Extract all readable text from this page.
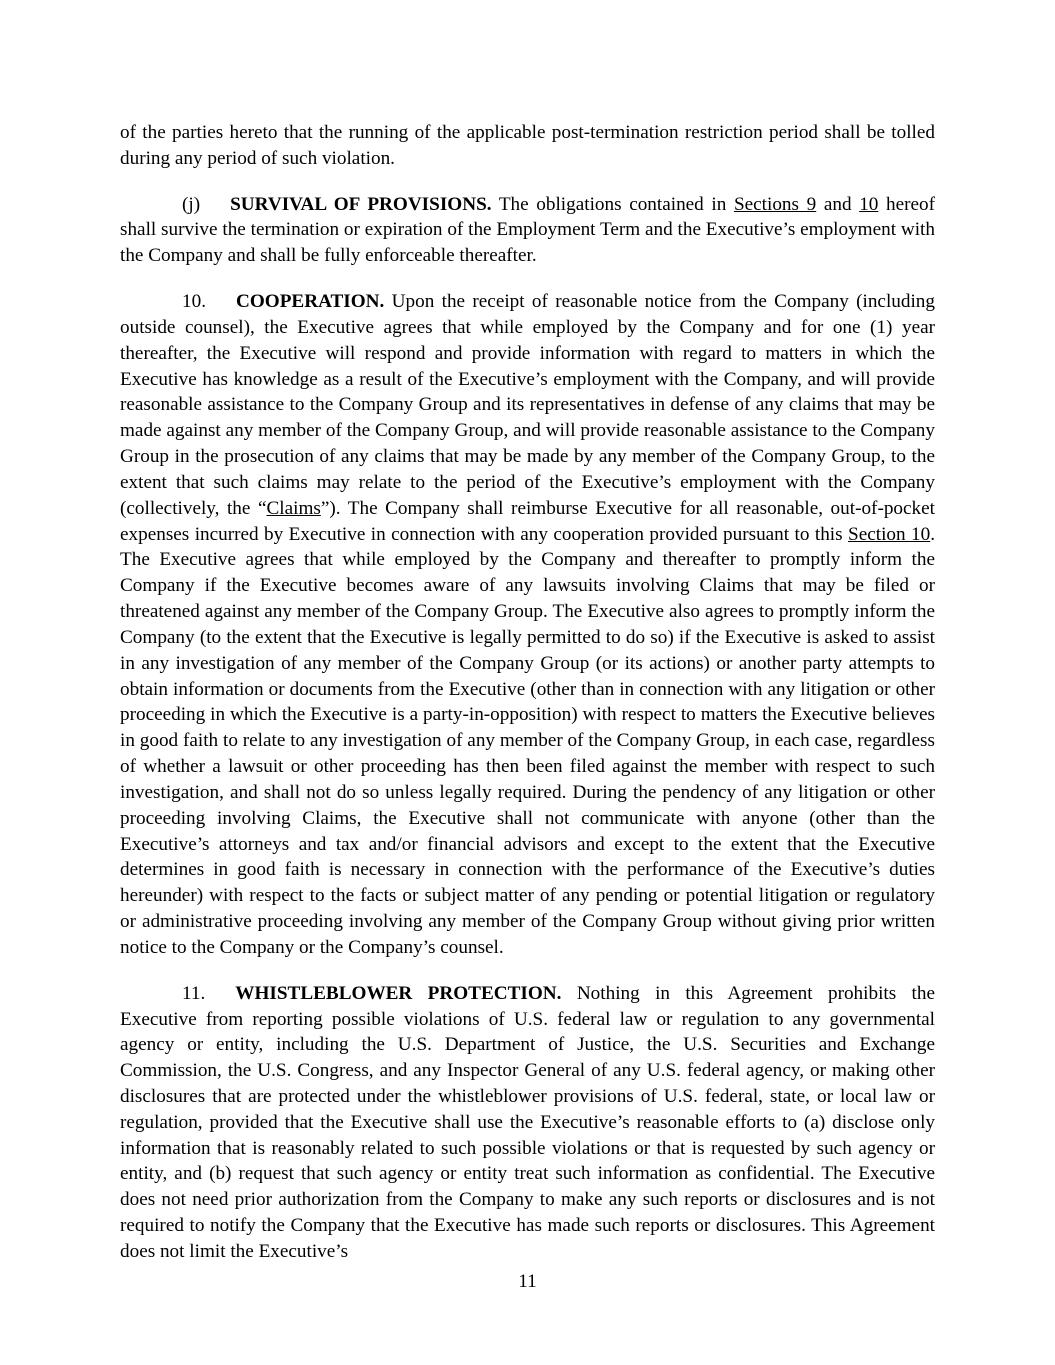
of the parties hereto that the running of the applicable post-termination restriction period shall be tolled during any period of such violation.

(j) SURVIVAL OF PROVISIONS. The obligations contained in Sections 9 and 10 hereof shall survive the termination or expiration of the Employment Term and the Executive’s employment with the Company and shall be fully enforceable thereafter.

10. COOPERATION. Upon the receipt of reasonable notice from the Company (including outside counsel), the Executive agrees that while employed by the Company and for one (1) year thereafter, the Executive will respond and provide information with regard to matters in which the Executive has knowledge as a result of the Executive’s employment with the Company, and will provide reasonable assistance to the Company Group and its representatives in defense of any claims that may be made against any member of the Company Group, and will provide reasonable assistance to the Company Group in the prosecution of any claims that may be made by any member of the Company Group, to the extent that such claims may relate to the period of the Executive’s employment with the Company (collectively, the “Claims”). The Company shall reimburse Executive for all reasonable, out-of-pocket expenses incurred by Executive in connection with any cooperation provided pursuant to this Section 10. The Executive agrees that while employed by the Company and thereafter to promptly inform the Company if the Executive becomes aware of any lawsuits involving Claims that may be filed or threatened against any member of the Company Group. The Executive also agrees to promptly inform the Company (to the extent that the Executive is legally permitted to do so) if the Executive is asked to assist in any investigation of any member of the Company Group (or its actions) or another party attempts to obtain information or documents from the Executive (other than in connection with any litigation or other proceeding in which the Executive is a party-in-opposition) with respect to matters the Executive believes in good faith to relate to any investigation of any member of the Company Group, in each case, regardless of whether a lawsuit or other proceeding has then been filed against the member with respect to such investigation, and shall not do so unless legally required. During the pendency of any litigation or other proceeding involving Claims, the Executive shall not communicate with anyone (other than the Executive’s attorneys and tax and/or financial advisors and except to the extent that the Executive determines in good faith is necessary in connection with the performance of the Executive’s duties hereunder) with respect to the facts or subject matter of any pending or potential litigation or regulatory or administrative proceeding involving any member of the Company Group without giving prior written notice to the Company or the Company’s counsel.

11. WHISTLEBLOWER PROTECTION. Nothing in this Agreement prohibits the Executive from reporting possible violations of U.S. federal law or regulation to any governmental agency or entity, including the U.S. Department of Justice, the U.S. Securities and Exchange Commission, the U.S. Congress, and any Inspector General of any U.S. federal agency, or making other disclosures that are protected under the whistleblower provisions of U.S. federal, state, or local law or regulation, provided that the Executive shall use the Executive’s reasonable efforts to (a) disclose only information that is reasonably related to such possible violations or that is requested by such agency or entity, and (b) request that such agency or entity treat such information as confidential. The Executive does not need prior authorization from the Company to make any such reports or disclosures and is not required to notify the Company that the Executive has made such reports or disclosures. This Agreement does not limit the Executive’s

11
